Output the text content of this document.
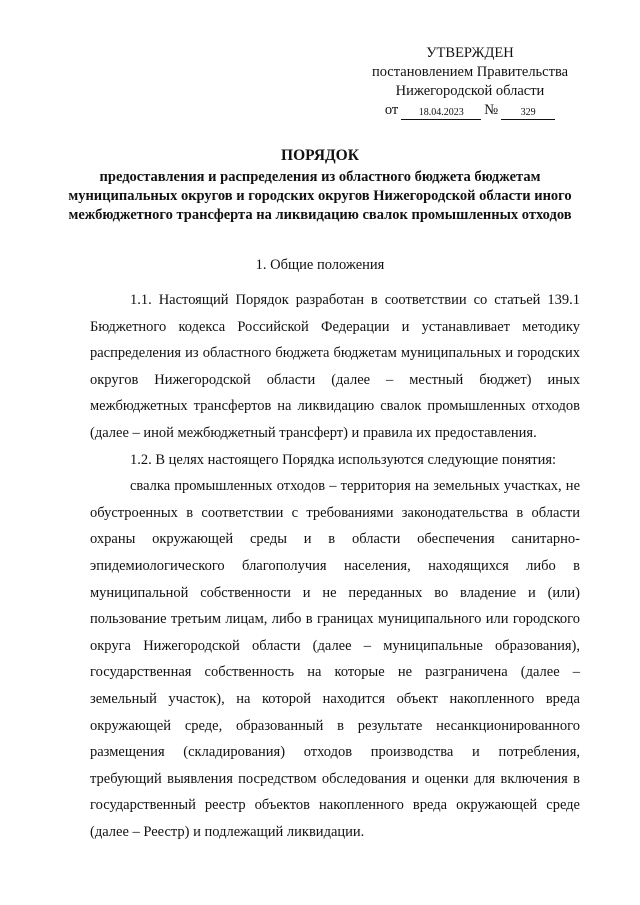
УТВЕРЖДЕН
постановлением Правительства
Нижегородской области
от	18.04.2023	№	329
ПОРЯДОК
предоставления и распределения из областного бюджета бюджетам муниципальных округов и городских округов Нижегородской области иного межбюджетного трансферта на ликвидацию свалок промышленных отходов
1. Общие положения

1.1. Настоящий Порядок разработан в соответствии со статьей 139.1 Бюджетного кодекса Российской Федерации и устанавливает методику распределения из областного бюджета бюджетам муниципальных и городских округов Нижегородской области (далее – местный бюджет) иных межбюджетных трансфертов на ликвидацию свалок промышленных отходов (далее – иной межбюджетный трансферт) и правила их предоставления.

1.2. В целях настоящего Порядка используются следующие понятия:

свалка промышленных отходов – территория на земельных участках, не обустроенных в соответствии с требованиями законодательства в области охраны окружающей среды и в области обеспечения санитарно-эпидемиологического благополучия населения, находящихся либо в муниципальной собственности и не переданных во владение и (или) пользование третьим лицам, либо в границах муниципального или городского округа Нижегородской области (далее – муниципальные образования), государственная собственность на которые не разграничена (далее – земельный участок), на которой находится объект накопленного вреда окружающей среде, образованный в результате несанкционированного размещения (складирования) отходов производства и потребления, требующий выявления посредством обследования и оценки для включения в государственный реестр объектов накопленного вреда окружающей среде (далее – Реестр) и подлежащий ликвидации.
